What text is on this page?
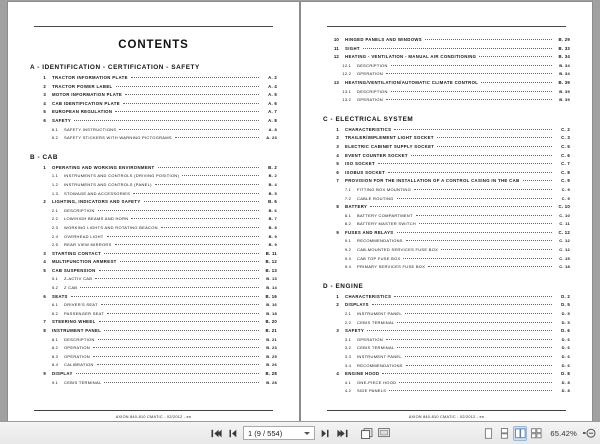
CONTENTS
A - IDENTIFICATION - CERTIFICATION - SAFETY
1	TRACTOR INFORMATION PLATE	A. 2
2	TRACTOR POWER LABEL	A. 4
3	MOTOR INFORMATION PLATE	A. 5
4	CAB IDENTIFICATION PLATE	A. 6
5	EUROPEAN REGULATION	A. 7
6	SAFETY	A. 8
6.1	SAFETY INSTRUCTIONS	A. 8
6.2	SAFETY STICKERS WITH WARNING PICTOGRAMS	A. 23
B - CAB
1	OPERATING AND WORKING ENVIRONMENT	B. 2
1.1	INSTRUMENTS AND CONTROLS (DRIVING POSITION)	B. 2
1.2	INSTRUMENTS AND CONTROLS (PANEL)	B. 4
1.3	STOWAGE AND ACCESSORIES	B. 5
2	LIGHTING, INDICATORS AND SAFETY	B. 6
2.1	DESCRIPTION	B. 6
2.2	LOW/HIGH BEAMS AND HORN	B. 7
2.3	WORKING LIGHTS AND ROTATING BEACON	B. 8
2.4	OVERHEAD LIGHT	B. 9
2.5	REAR VIEW MIRRORS	B. 9
3	STARTING CONTACT	B. 11
4	MULTIFUNCTION ARMREST	B. 12
5	CAB SUSPENSION	B. 13
5.1	Z-ACTIV CAB	B. 13
5.2	Z CAB	B. 14
6	SEATS	B. 16
6.1	DRIVER'S SEAT	B. 16
6.2	PASSENGER SEAT	B. 18
7	STEERING WHEEL	B. 20
8	INSTRUMENT PANEL	B. 21
8.1	DESCRIPTION	B. 21
8.2	OPERATION	B. 23
8.3	OPERATION	B. 25
8.4	CALIBRATION	B. 26
9	DISPLAY	B. 28
9.1	CEBIS TERMINAL	B. 28
AXION 840-810 CMATIC - 02/2012 - en
10	HINGED PANELS AND WINDOWS	B. 29
11	SIGHT	B. 33
12	HEATING - VENTILATION - MANUAL AIR CONDITIONING	B. 34
12.1	DESCRIPTION	B. 34
12.2	OPERATION	B. 34
13	HEATING/VENTILATION/AUTOMATIC CLIMATE CONTROL	B. 39
13.1	DESCRIPTION	B. 39
13.2	OPERATION	B. 39
C - ELECTRICAL SYSTEM
1	CHARACTERISTICS	C. 2
2	TRAILER/IMPLEMENT LIGHT SOCKET	C. 3
3	ELECTRIC CABINET SUPPLY SOCKET	C. 5
4	EVENT COUNTER SOCKET	C. 6
5	ISO SOCKET	C. 7
6	ISOBUS SOCKET	C. 8
7	PROVISION FOR THE INSTALLATION OF A CONTROL CASING IN THE CAB	C. 9
7.1	FITTING BOX MOUNTING	C. 9
7.2	CABLE ROUTING	C. 9
8	BATTERY	C. 10
8.1	BATTERY COMPARTMENT	C. 10
8.2	BATTERY MASTER SWITCH	C. 11
9	FUSES AND RELAYS	C. 12
9.1	RECOMMENDATIONS	C. 12
9.2	CAB-MOUNTED SERVICES FUSE BOX	C. 12
9.3	CAB TOP FUSE BOX	C. 15
9.4	PRIMARY SERVICES FUSE BOX	C. 18
D - ENGINE
1	CHARACTERISTICS	D. 2
2	DISPLAYS	D. 5
2.1	INSTRUMENT PANEL	D. 5
2.2	CEBIS TERMINAL	D. 5
3	SAFETY	D. 6
3.1	OPERATION	D. 6
3.2	CEBIS TERMINAL	D. 6
3.3	INSTRUMENT PANEL	D. 6
3.4	RECOMMENDATIONS	D. 6
4	ENGINE HOOD	D. 8
4.1	ONE-PIECE HOOD	D. 8
4.2	SIDE PANELS	D. 8
AXION 840-810 CMATIC - 02/2012 - en
1 (9 / 554)	65.42%
